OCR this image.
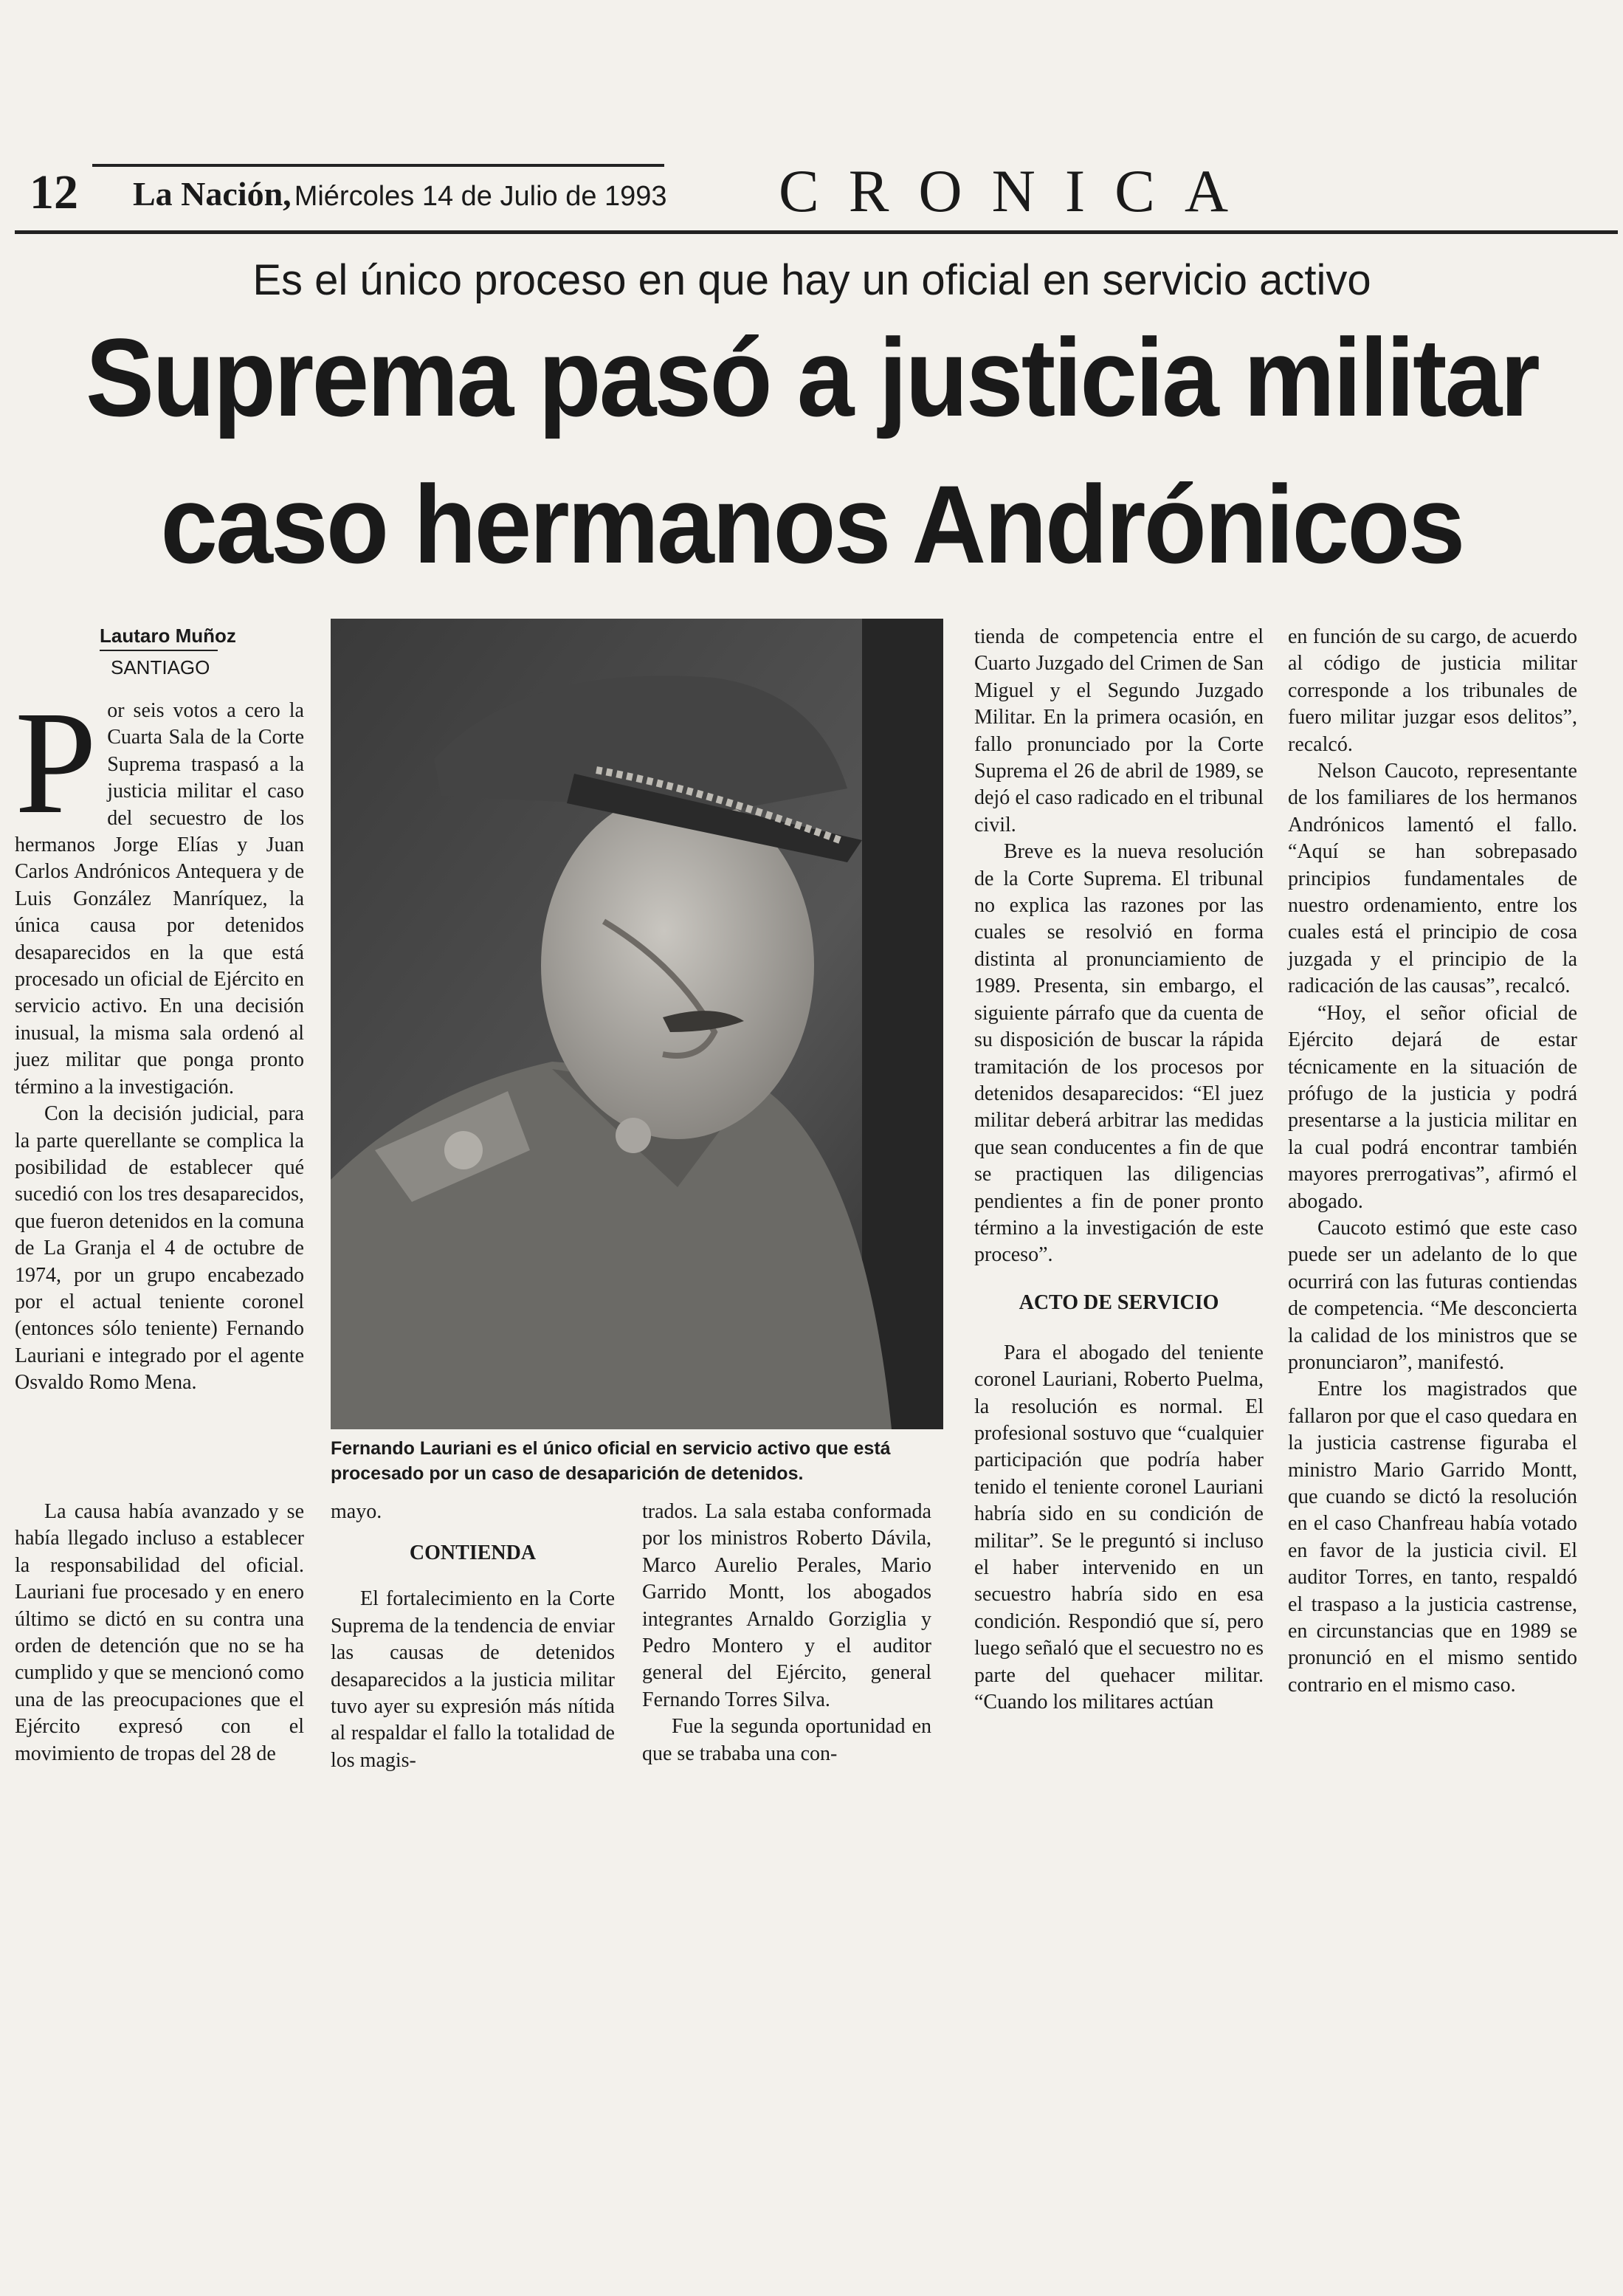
12 La Nación, Miércoles 14 de Julio de 1993 CRONICA
Es el único proceso en que hay un oficial en servicio activo
Suprema pasó a justicia militar
caso hermanos Andrónicos
Lautaro Muñoz
SANTIAGO
P or seis votos a cero la Cuarta Sala de la Corte Suprema traspasó a la justicia militar el caso del secuestro de los hermanos Jorge Elías y Juan Carlos Andrónicos Antequera y de Luis González Manríquez, la única causa por detenidos desaparecidos en la que está procesado un oficial de Ejército en servicio activo. En una decisión inusual, la misma sala ordenó al juez militar que ponga pronto término a la investigación.

Con la decisión judicial, para la parte querellante se complica la posibilidad de establecer qué sucedió con los tres desaparecidos, que fueron detenidos en la comuna de La Granja el 4 de octubre de 1974, por un grupo encabezado por el actual teniente coronel (entonces sólo teniente) Fernando Lauriani e integrado por el agente Osvaldo Romo Mena.

La causa había avanzado y se había llegado incluso a establecer la responsabilidad del oficial. Lauriani fue procesado y en enero último se dictó en su contra una orden de detención que no se ha cumplido y que se mencionó como una de las preocupaciones que el Ejército expresó con el movimiento de tropas del 28 de

Fernando Lauriani es el único oficial en servicio activo que está procesado por un caso de desaparición de detenidos.

mayo.

CONTIENDA

El fortalecimiento en la Corte Suprema de la tendencia de enviar las causas de detenidos desaparecidos a la justicia militar tuvo ayer su expresión más nítida al respaldar el fallo la totalidad de los magis-

trados. La sala estaba conformada por los ministros Roberto Dávila, Marco Aurelio Perales, Mario Garrido Montt, los abogados integrantes Arnaldo Gorziglia y Pedro Montero y el auditor general del Ejército, general Fernando Torres Silva.

Fue la segunda oportunidad en que se trababa una con-

tienda de competencia entre el Cuarto Juzgado del Crimen de San Miguel y el Segundo Juzgado Militar. En la primera ocasión, en fallo pronunciado por la Corte Suprema el 26 de abril de 1989, se dejó el caso radicado en el tribunal civil.

Breve es la nueva resolución de la Corte Suprema. El tribunal no explica las razones por las cuales se resolvió en forma distinta al pronunciamiento de 1989. Presenta, sin embargo, el siguiente párrafo que da cuenta de su disposición de buscar la rápida tramitación de los procesos por detenidos desaparecidos: “El juez militar deberá arbitrar las medidas que sean conducentes a fin de que se practiquen las diligencias pendientes a fin de poner pronto término a la investigación de este proceso”.

ACTO DE SERVICIO

Para el abogado del teniente coronel Lauriani, Roberto Puelma, la resolución es normal. El profesional sostuvo que “cualquier participación que podría haber tenido el teniente coronel Lauriani habría sido en su condición de militar”. Se le preguntó si incluso el haber intervenido en un secuestro habría sido en esa condición. Respondió que sí, pero luego señaló que el secuestro no es parte del quehacer militar. “Cuando los militares actúan

en función de su cargo, de acuerdo al código de justicia militar corresponde a los tribunales de fuero militar juzgar esos delitos”, recalcó.

Nelson Caucoto, representante de los familiares de los hermanos Andrónicos lamentó el fallo. “Aquí se han sobrepasado principios fundamentales de nuestro ordenamiento, entre los cuales está el principio de cosa juzgada y el principio de la radicación de las causas”, recalcó.

“Hoy, el señor oficial de Ejército dejará de estar técnicamente en la situación de prófugo de la justicia y podrá presentarse a la justicia militar en la cual podrá encontrar también mayores prerrogativas”, afirmó el abogado.

Caucoto estimó que este caso puede ser un adelanto de lo que ocurrirá con las futuras contiendas de competencia. “Me desconcierta la calidad de los ministros que se pronunciaron”, manifestó.

Entre los magistrados que fallaron por que el caso quedara en la justicia castrense figuraba el ministro Mario Garrido Montt, que cuando se dictó la resolución en el caso Chanfreau había votado en favor de la justicia civil. El auditor Torres, en tanto, respaldó el traspaso a la justicia castrense, en circunstancias que en 1989 se pronunció en el mismo sentido contrario en el mismo caso.
